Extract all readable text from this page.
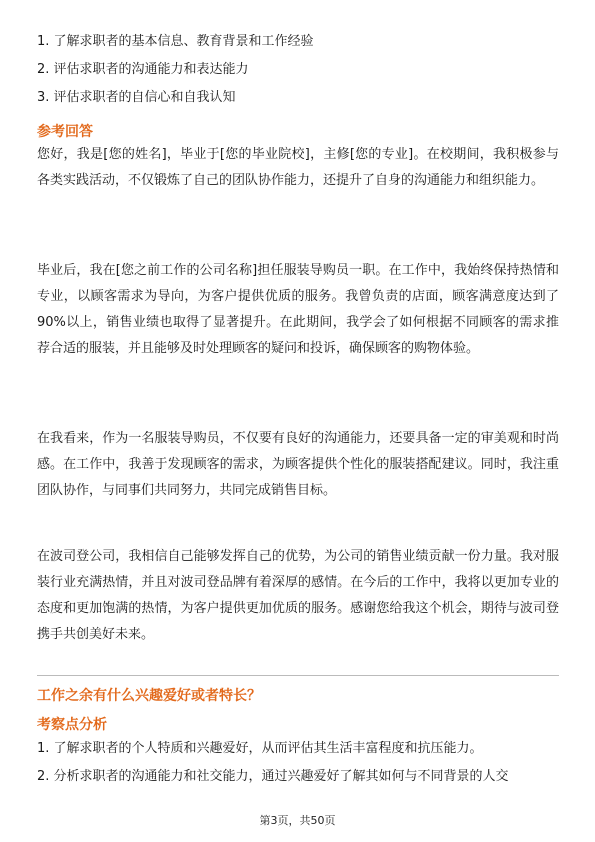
1. 了解求职者的基本信息、教育背景和工作经验
2. 评估求职者的沟通能力和表达能力
3. 评估求职者的自信心和自我认知
参考回答

您好，我是[您的姓名]，毕业于[您的毕业院校]，主修[您的专业]。在校期间，我积极参与各类实践活动，不仅锻炼了自己的团队协作能力，还提升了自身的沟通能力和组织能力。

毕业后，我在[您之前工作的公司名称]担任服装导购员一职。在工作中，我始终保持热情和专业，以顾客需求为导向，为客户提供优质的服务。我曾负责的店面，顾客满意度达到了90%以上，销售业绩也取得了显著提升。在此期间，我学会了如何根据不同顾客的需求推荐合适的服装，并且能够及时处理顾客的疑问和投诉，确保顾客的购物体验。

在我看来，作为一名服装导购员，不仅要有良好的沟通能力，还要具备一定的审美观和时尚感。在工作中，我善于发现顾客的需求，为顾客提供个性化的服装搭配建议。同时，我注重团队协作，与同事们共同努力，共同完成销售目标。

在波司登公司，我相信自己能够发挥自己的优势，为公司的销售业绩贡献一份力量。我对服装行业充满热情，并且对波司登品牌有着深厚的感情。在今后的工作中，我将以更加专业的态度和更加饱满的热情，为客户提供更加优质的服务。感谢您给我这个机会，期待与波司登携手共创美好未来。

工作之余有什么兴趣爱好或者特长？
考察点分析
1. 了解求职者的个人特质和兴趣爱好，从而评估其生活丰富程度和抗压能力。
2. 分析求职者的沟通能力和社交能力，通过兴趣爱好了解其如何与不同背景的人交
第3页，共50页
